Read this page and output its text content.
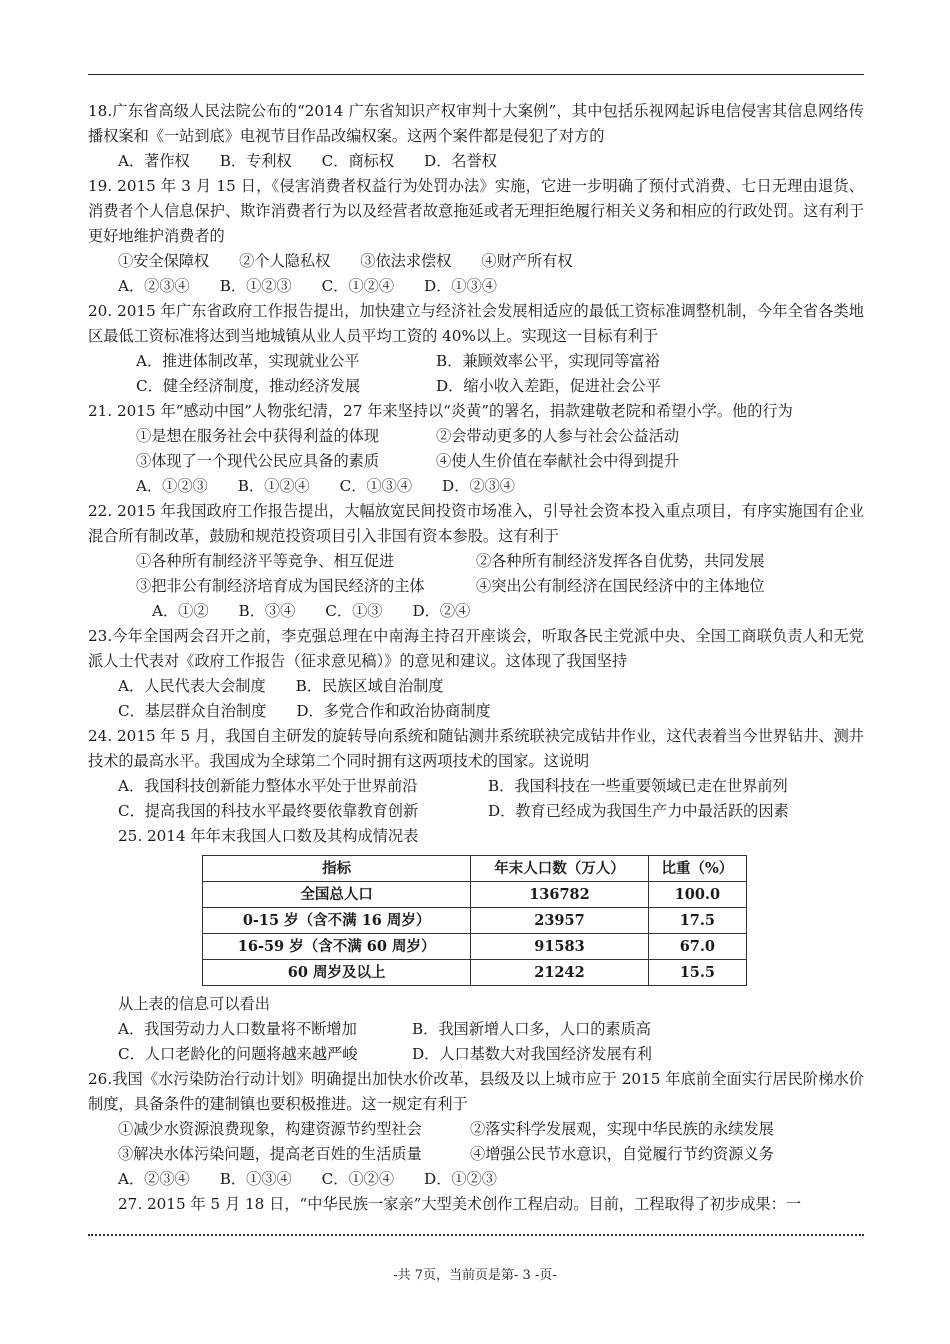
18.广东省高级人民法院公布的“2014 广东省知识产权审判十大案例”，其中包括乐视网起诉电信侵害其信息网络传播权案和《一站到底》电视节目作品改编权案。这两个案件都是侵犯了对方的

A．著作权 B．专利权 C．商标权 D．名誉权

19. 2015 年 3 月 15 日，《侵害消费者权益行为处罚办法》实施，它进一步明确了预付式消费、七日无理由退货、消费者个人信息保护、欺诈消费者行为以及经营者故意拖延或者无理拒绝履行相关义务和相应的行政处罚。这有利于更好地维护消费者的

①安全保障权 ②个人隐私权 ③依法求偿权 ④财产所有权
A．②③④ B．①②③ C．①②④ D．①③④

20. 2015 年广东省政府工作报告提出，加快建立与经济社会发展相适应的最低工资标准调整机制，今年全省各类地区最低工资标准将达到当地城镇从业人员平均工资的 40%以上。实现这一目标有利于

A．推进体制改革，实现就业公平	B．兼顾效率公平，实现同等富裕
C．健全经济制度，推动经济发展	D．缩小收入差距，促进社会公平

21. 2015 年“感动中国”人物张纪清，27 年来坚持以“炎黄”的署名，捐款建敬老院和希望小学。他的行为

①是想在服务社会中获得利益的体现	②会带动更多的人参与社会公益活动
③体现了一个现代公民应具备的素质	④使人生价值在奉献社会中得到提升
A．①②③ B．①②④ C．①③④ D．②③④

22. 2015 年我国政府工作报告提出，大幅放宽民间投资市场准入，引导社会资本投入重点项目，有序实施国有企业混合所有制改革，鼓励和规范投资项目引入非国有资本参股。这有利于

①各种所有制经济平等竞争、相互促进	②各种所有制经济发挥各自优势，共同发展
③把非公有制经济培育成为国民经济的主体	④突出公有制经济在国民经济中的主体地位
A．①② B．③④ C．①③ D．②④

23.今年全国两会召开之前，李克强总理在中南海主持召开座谈会，听取各民主党派中央、全国工商联负责人和无党派人士代表对《政府工作报告（征求意见稿）》的意见和建议。这体现了我国坚持

A．人民代表大会制度 B．民族区域自治制度
C．基层群众自治制度 D．多党合作和政治协商制度

24. 2015 年 5 月，我国自主研发的旋转导向系统和随钻测井系统联袂完成钻井作业，这代表着当今世界钻井、测井技术的最高水平。我国成为全球第二个同时拥有这两项技术的国家。这说明

A．我国科技创新能力整体水平处于世界前沿	B．我国科技在一些重要领域已走在世界前列
C．提高我国的科技水平最终要依靠教育创新	D．教育已经成为我国生产力中最活跃的因素

25. 2014 年年末我国人口数及其构成情况表

指标	年末人口数（万人）	比重（%）
全国总人口	136782	100.0
0-15 岁（含不满 16 周岁）	23957	17.5
16-59 岁（含不满 60 周岁）	91583	67.0
60 周岁及以上	21242	15.5

从上表的信息可以看出

A．我国劳动力人口数量将不断增加	B．我国新增人口多，人口的素质高
C．人口老龄化的问题将越来越严峻	D．人口基数大对我国经济发展有利

26.我国《水污染防治行动计划》明确提出加快水价改革，县级及以上城市应于 2015 年底前全面实行居民阶梯水价制度，具备条件的建制镇也要积极推进。这一规定有利于

①减少水资源浪费现象，构建资源节约型社会	②落实科学发展观，实现中华民族的永续发展
③解决水体污染问题，提高老百姓的生活质量	④增强公民节水意识，自觉履行节约资源义务
A．②③④ B．①③④ C．①②④ D．①②③

27. 2015 年 5 月 18 日，“中华民族一家亲”大型美术创作工程启动。目前，工程取得了初步成果：一

-共 7页，当前页是第- 3 -页-
